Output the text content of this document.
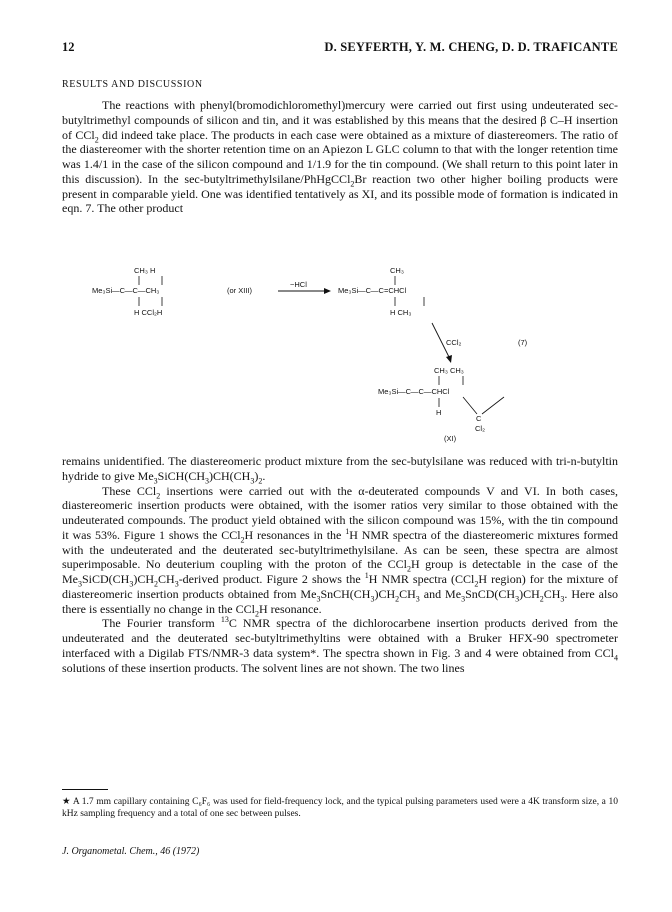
12	D. SEYFERTH, Y. M. CHENG, D. D. TRAFICANTE
RESULTS AND DISCUSSION

The reactions with phenyl(bromodichloromethyl)mercury were carried out first using undeuterated sec-butyltrimethyl compounds of silicon and tin, and it was established by this means that the desired β C–H insertion of CCl$_2$ did indeed take place. The products in each case were obtained as a mixture of diastereomers. The ratio of the diastereomer with the shorter retention time on an Apiezon L GLC column to that with the longer retention time was 1.4/1 in the case of the silicon compound and 1/1.9 for the tin compound. (We shall return to this point later in this discussion). In the sec-butyltrimethylsilane/PhHgCCl$_2$Br reaction two other higher boiling products were present in comparable yield. One was identified tentatively as XI, and its possible mode of formation is indicated in eqn. 7. The other product

CH₃ H
Me₃Si—C—C—CH₃
H CCl₂H
(or XIII)
−HCl
CH₃
Me₃Si—C—C=CHCl
H CH₃
CCl₂	(7)
CH₃ CH₃
Me₃Si—C—C—CHCl
H
C
Cl₂
(XI)

remains unidentified. The diastereomeric product mixture from the sec-butylsilane was reduced with tri-n-butyltin hydride to give $Me_3SiCH(CH_3)CH(CH_3)_2$.

These CCl$_2$ insertions were carried out with the α-deuterated compounds V and VI. In both cases, diastereomeric insertion products were obtained, with the isomer ratios very similar to those obtained with the undeuterated compounds. The product yield obtained with the silicon compound was 15%, with the tin compound it was 53%. Figure 1 shows the CCl$_2$H resonances in the $^1$H NMR spectra of the diastereomeric mixtures formed with the undeuterated and the deuterated sec-butyltrimethylsilane. As can be seen, these spectra are almost superimposable. No deuterium coupling with the proton of the CCl$_2$H group is detectable in the case of the $Me_3SiCD(CH_3)CH_2CH_3$-derived product. Figure 2 shows the $^1$H NMR spectra (CCl$_2$H region) for the mixture of diastereomeric insertion products obtained from $Me_3SnCH(CH_3)CH_2CH_3$ and $Me_3SnCD(CH_3)CH_2CH_3$. Here also there is essentially no change in the CCl$_2$H resonance.

The Fourier transform $^{13}$C NMR spectra of the dichlorocarbene insertion products derived from the undeuterated and the deuterated sec-butyltrimethyltins were obtained with a Bruker HFX-90 spectrometer interfaced with a Digilab FTS/NMR-3 data system*. The spectra shown in Fig. 3 and 4 were obtained from CCl$_4$ solutions of these insertion products. The solvent lines are not shown. The two lines

★ A 1.7 mm capillary containing C₆F₆ was used for field-frequency lock, and the typical pulsing parameters used were a 4K transform size, a 10 kHz sampling frequency and a total of one sec between pulses.
J. Organometal. Chem., 46 (1972)
